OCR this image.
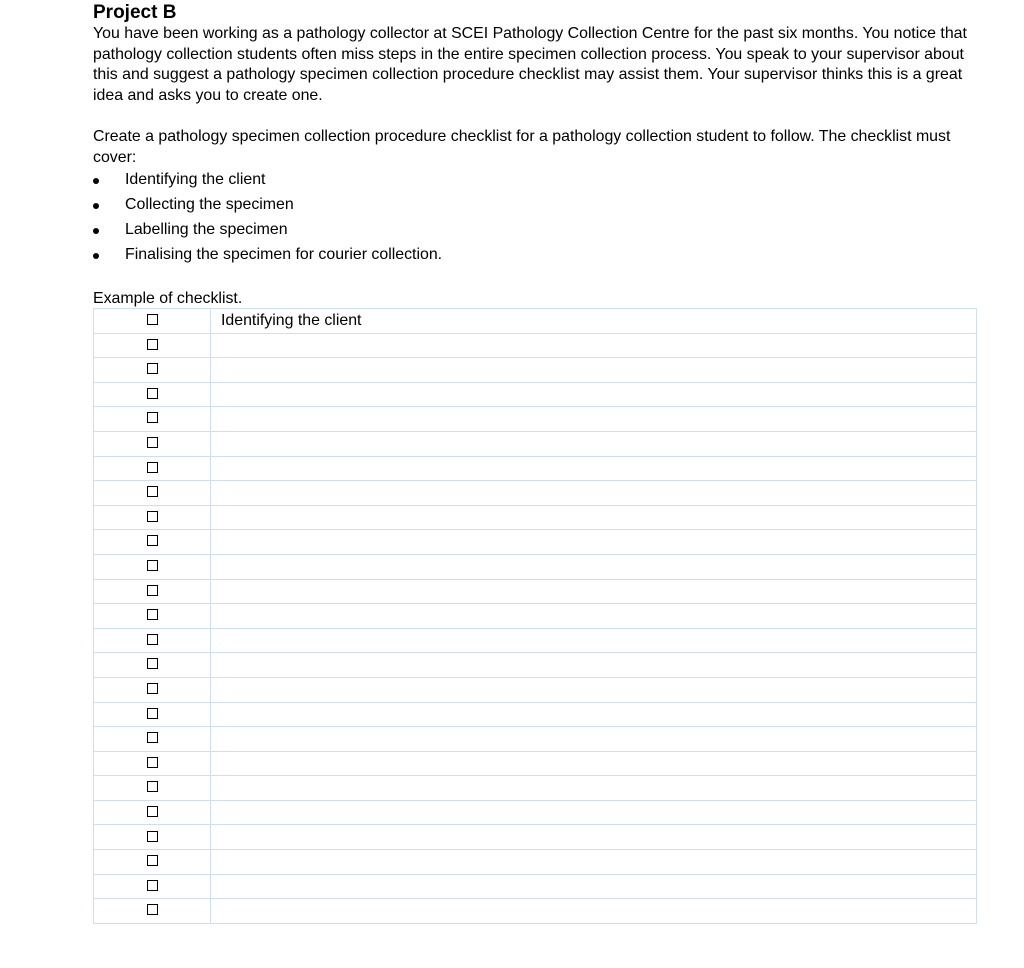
Project B

You have been working as a pathology collector at SCEI Pathology Collection Centre for the past six months. You notice that pathology collection students often miss steps in the entire specimen collection process. You speak to your supervisor about this and suggest a pathology specimen collection procedure checklist may assist them. Your supervisor thinks this is a great idea and asks you to create one.

Create a pathology specimen collection procedure checklist for a pathology collection student to follow. The checklist must cover:

Identifying the client
Collecting the specimen
Labelling the specimen
Finalising the specimen for courier collection.

Example of checklist.

	Identifying the client
